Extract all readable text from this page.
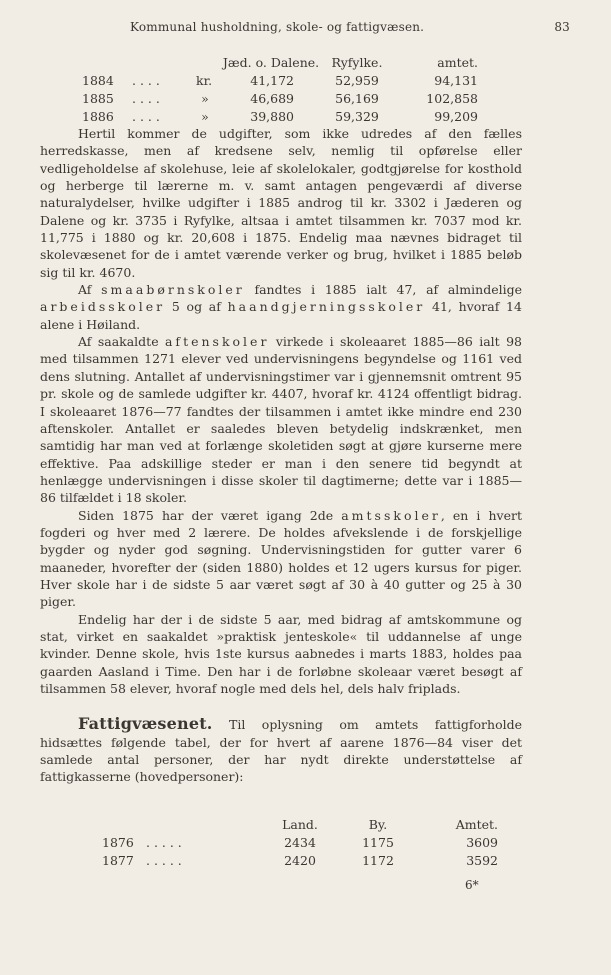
Kommunal husholdning, skole- og fattigvæsen.	83
			Jæd. o. Dalene.	Ryfylke.	amtet.
1884	. . . .	kr.	41,172	52,959	94,131
1885	. . . .	»	46,689	56,169	102,858
1886	. . . .	»	39,880	59,329	99,209

Hertil kommer de udgifter, som ikke udredes af den fælles herredskasse, men af kredsene selv, nemlig til opførelse eller vedligeholdelse af skolehuse, leie af skolelokaler, godtgjørelse for kosthold og herberge til lærerne m. v. samt antagen pengeværdi af diverse naturalydelser, hvilke udgifter i 1885 androg til kr. 3302 i Jæderen og Dalene og kr. 3735 i Ryfylke, altsaa i amtet tilsammen kr. 7037 mod kr. 11,775 i 1880 og kr. 20,608 i 1875. Endelig maa nævnes bidraget til skolevæsenet for de i amtet værende verker og brug, hvilket i 1885 beløb sig til kr. 4670.

Af smaabørnskoler fandtes i 1885 ialt 47, af almindelige arbeidsskoler 5 og af haandgjerningsskoler 41, hvoraf 14 alene i Høiland.

Af saakaldte aftenskoler virkede i skoleaaret 1885—86 ialt 98 med tilsammen 1271 elever ved undervisningens begyndelse og 1161 ved dens slutning. Antallet af undervisningstimer var i gjennemsnit omtrent 95 pr. skole og de samlede udgifter kr. 4407, hvoraf kr. 4124 offentligt bidrag. I skoleaaret 1876—77 fandtes der tilsammen i amtet ikke mindre end 230 aftenskoler. Antallet er saaledes bleven betydelig indskrænket, men samtidig har man ved at forlænge skoletiden søgt at gjøre kurserne mere effektive. Paa adskillige steder er man i den senere tid begyndt at henlægge undervisningen i disse skoler til dagtimerne; dette var i 1885—86 tilfældet i 18 skoler.

Siden 1875 har der været igang 2de amtsskoler, en i hvert fogderi og hver med 2 lærere. De holdes afvekslende i de forskjellige bygder og nyder god søgning. Undervisningstiden for gutter varer 6 maaneder, hvorefter der (siden 1880) holdes et 12 ugers kursus for piger. Hver skole har i de sidste 5 aar været søgt af 30 à 40 gutter og 25 à 30 piger.

Endelig har der i de sidste 5 aar, med bidrag af amtskommune og stat, virket en saakaldet »praktisk jenteskole« til uddannelse af unge kvinder. Denne skole, hvis 1ste kursus aabnedes i marts 1883, holdes paa gaarden Aasland i Time. Den har i de forløbne skoleaar været besøgt af tilsammen 58 elever, hvoraf nogle med dels hel, dels halv friplads.

Fattigvæsenet. Til oplysning om amtets fattigforholde hidsættes følgende tabel, der for hvert af aarene 1876—84 viser det samlede antal personer, der har nydt direkte understøttelse af fattigkasserne (hovedpersoner):

		Land.	By.	Amtet.
1876	. . . . .	2434	1175	3609
1877	. . . . .	2420	1172	3592
6*
